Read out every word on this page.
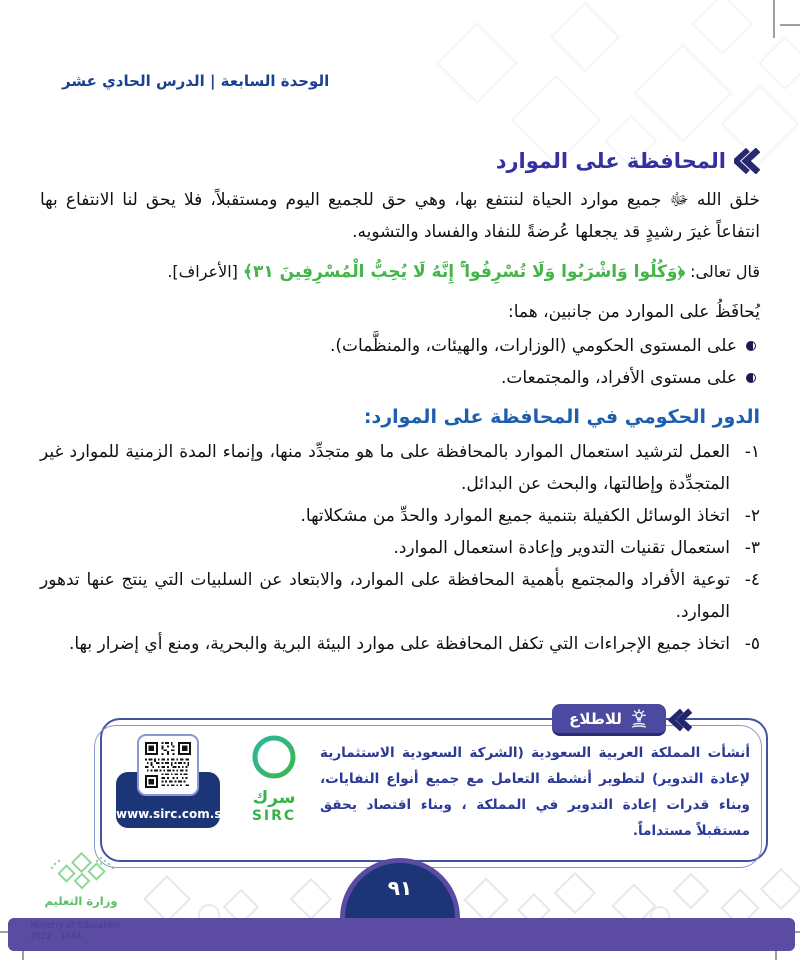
الوحدة السابعة | الدرس الحادي عشر
المحافظة على الموارد

خلق الله ﷻ جميع موارد الحياة لننتفع بها، وهي حق للجميع اليوم ومستقبلاً، فلا يحق لنا الانتفاع بها انتفاعاً غيرَ رشيدٍ قد يجعلها عُرضةً للنفاد والفساد والتشويه.

قال تعالى: ﴿وَكُلُوا وَاشْرَبُوا وَلَا تُسْرِفُوا ۚ إِنَّهُ لَا يُحِبُّ الْمُسْرِفِينَ ٣١﴾ [الأعراف].

يُحافَظُ على الموارد من جانبين، هما:

على المستوى الحكومي (الوزارات، والهيئات، والمنظَّمات).
على مستوى الأفراد، والمجتمعات.
الدور الحكومي في المحافظة على الموارد:
١-
العمل لترشيد استعمال الموارد بالمحافظة على ما هو متجدِّد منها، وإنماء المدة الزمنية للموارد غير المتجدِّدة وإطالتها، والبحث عن البدائل.
٢-
اتخاذ الوسائل الكفيلة بتنمية جميع الموارد والحدِّ من مشكلاتها.
٣-
استعمال تقنيات التدوير وإعادة استعمال الموارد.
٤-
توعية الأفراد والمجتمع بأهمية المحافظة على الموارد، والابتعاد عن السلبيات التي ينتج عنها تدهور الموارد.
٥-
اتخاذ جميع الإجراءات التي تكفل المحافظة على موارد البيئة البرية والبحرية، ومنع أي إضرار بها.
للاطلاع

أنشأت المملكة العربية السعودية (الشركة السعودية الاستثمارية لإعادة التدوير) لتطوير أنشطة التعامل مع جميع أنواع النفايات، وبناء قدرات إعادة التدوير في المملكة ، وبناء اقتصاد يحقق مستقبلاً مستداماً.

سرك
SIRC
www.sirc.com.sa
وزارة التعليم
Ministry of Education
2022 - 1444
٩١
